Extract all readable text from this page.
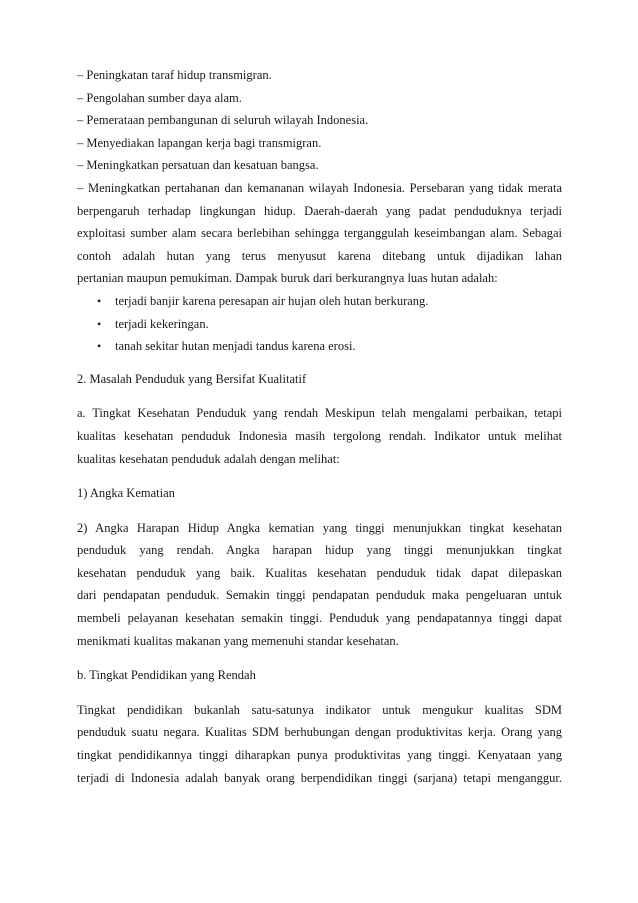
– Peningkatan taraf hidup transmigran.
– Pengolahan sumber daya alam.
– Pemerataan pembangunan di seluruh wilayah Indonesia.
– Menyediakan lapangan kerja bagi transmigran.
– Meningkatkan persatuan dan kesatuan bangsa.
– Meningkatkan pertahanan dan kemananan wilayah Indonesia. Persebaran yang tidak merata
berpengaruh terhadap lingkungan hidup. Daerah-daerah yang padat penduduknya terjadi
exploitasi sumber alam secara berlebihan sehingga terganggulah keseimbangan alam. Sebagai
contoh adalah hutan yang terus menyusut karena ditebang untuk dijadikan lahan
pertanian maupun pemukiman. Dampak buruk dari berkurangnya luas hutan adalah:
• terjadi banjir karena peresapan air hujan oleh hutan berkurang.
• terjadi kekeringan.
• tanah sekitar hutan menjadi tandus karena erosi.
2. Masalah Penduduk yang Bersifat Kualitatif
a. Tingkat Kesehatan Penduduk yang rendah Meskipun telah mengalami perbaikan, tetapi
kualitas kesehatan penduduk Indonesia masih tergolong rendah. Indikator untuk melihat
kualitas kesehatan penduduk adalah dengan melihat:
1) Angka Kematian
2) Angka Harapan Hidup Angka kematian yang tinggi menunjukkan tingkat kesehatan
penduduk yang rendah. Angka harapan hidup yang tinggi menunjukkan tingkat
kesehatan penduduk yang baik. Kualitas kesehatan penduduk tidak dapat dilepaskan
dari pendapatan penduduk. Semakin tinggi pendapatan penduduk maka pengeluaran untuk
membeli pelayanan kesehatan semakin tinggi. Penduduk yang pendapatannya tinggi dapat
menikmati kualitas makanan yang memenuhi standar kesehatan.
b. Tingkat Pendidikan yang Rendah
Tingkat pendidikan bukanlah satu-satunya indikator untuk mengukur kualitas SDM
penduduk suatu negara. Kualitas SDM berhubungan dengan produktivitas kerja. Orang yang
tingkat pendidikannya tinggi diharapkan punya produktivitas yang tinggi. Kenyataan yang
terjadi di Indonesia adalah banyak orang berpendidikan tinggi (sarjana) tetapi menganggur.
